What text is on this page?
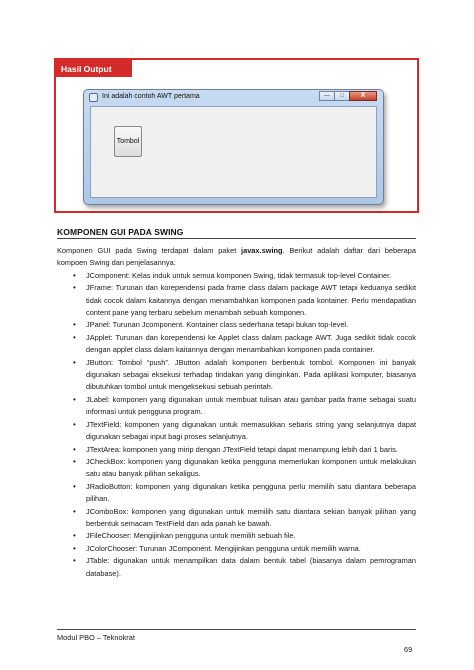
Hasil Output
Ini adalah contoh AWT pertama	—	□	X
Tombol
KOMPONEN GUI PADA SWING

Komponen GUI pada Swing terdapat dalam paket javax.swing. Berikut adalah daftar dari beberapa kompoen Swing dan penjelasannya.

• JComponent: Kelas induk untuk semua komponen Swing, tidak termasuk top-level Container.
• JFrame: Turunan dan korependensi pada frame class dalam package AWT tetapi keduanya sedikit tidak cocok dalam kaitannya dengan menambahkan komponen pada kontainer. Perlu mendapatkan content pane yang terbaru sebelum menambah sebuah komponen.
• JPanel: Turunan Jcomponent. Kontainer class sederhana tetapi bukan top-level.
• JApplet: Turunan dan korependensi ke Applet class dalam package AWT. Juga sedikit tidak cocok dengan applet class dalam kaitannya dengan menambahkan komponen pada container.
• JButton: Tombol “push”. JButton adalah komponen berbentuk tombol. Komponen ini banyak digunakan sebagai eksekusi terhadap tindakan yang diinginkan. Pada aplikasi komputer, biasanya dibutuhkan tombol untuk mengeksekusi sebuah perintah.
• JLabel: komponen yang digunakan untuk membuat tulisan atau gambar pada frame sebagai suatu informasi untuk pengguna program.
• JTextField: komponen yang digunakan untuk memasukkan sebaris string yang selanjutnya dapat digunakan sebagai input bagi proses selanjutnya.
• JTextArea: komponen yang mirip dengan JTextField tetapi dapat menampung lebih dari 1 baris.
• JCheckBox: komponen yang digunakan ketika pengguna memerlukan komponen untuk melakukan satu atau banyak pilihan sekaligus.
• JRadioButton: komponen yang digunakan ketika pengguna perlu memilih satu diantara beberapa pilihan.
• JComboBox: komponen yang digunakan untuk memilih satu diantara sekian banyak pilihan yang berbentuk semacam TextField dan ada panah ke bawah.
• JFileChooser: Mengijinkan pengguna untuk memilih sebuah file.
• JColorChooser: Turunan JComponent. Mengijinkan pengguna untuk memilih warna.
• JTable: digunakan untuk menampilkan data dalam bentuk tabel (biasanya dalam pemrograman database).
Modul PBO – Teknokrat
69
